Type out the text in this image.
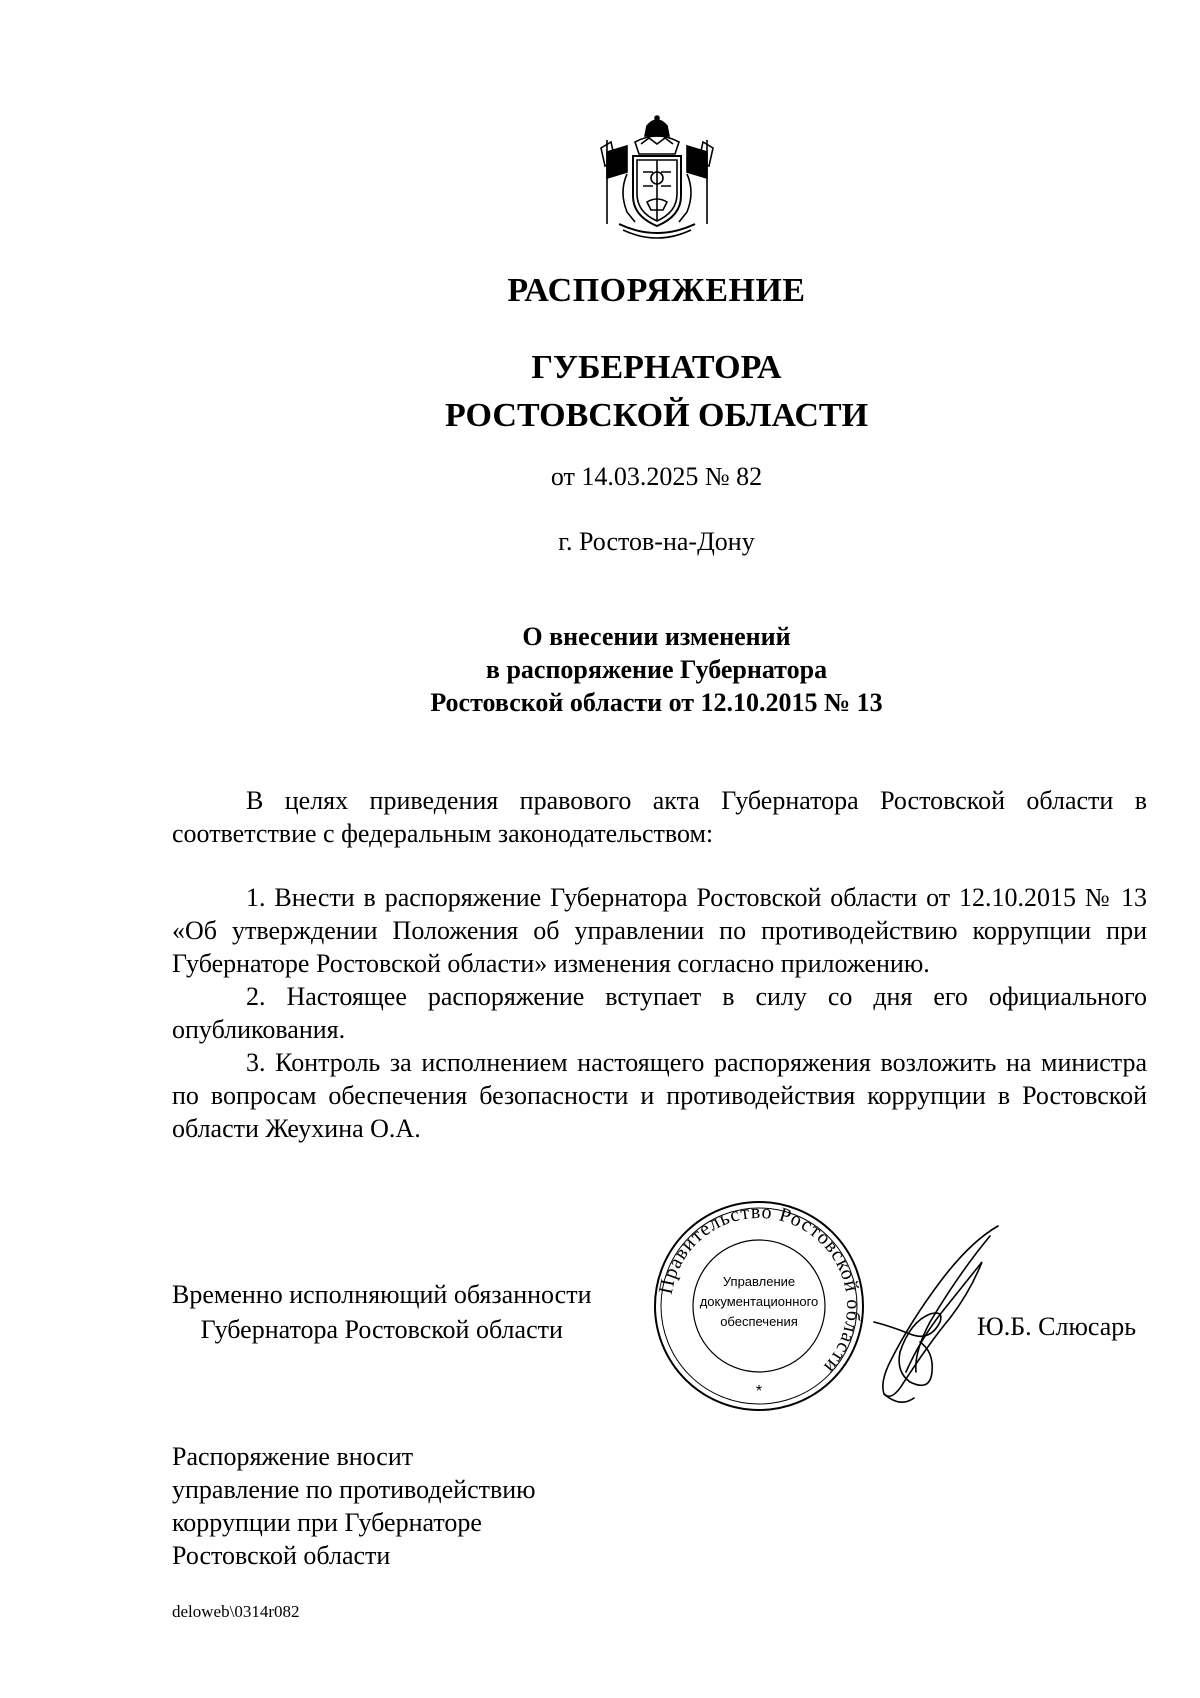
РАСПОРЯЖЕНИЕ
ГУБЕРНАТОРА
РОСТОВСКОЙ ОБЛАСТИ
от 14.03.2025 № 82
г. Ростов-на-Дону
О внесении изменений
в распоряжение Губернатора
Ростовской области от 12.10.2015 № 13

В целях приведения правового акта Губернатора Ростовской области в соответствие с федеральным законодательством:

1. Внести в распоряжение Губернатора Ростовской области от 12.10.2015 № 13 «Об утверждении Положения об управлении по противодействию коррупции при Губернаторе Ростовской области» изменения согласно приложению.

2. Настоящее распоряжение вступает в силу со дня его официального опубликования.

3. Контроль за исполнением настоящего распоряжения возложить на министра по вопросам обеспечения безопасности и противодействия коррупции в Ростовской области Жеухина О.А.

Временно исполняющий обязанности
Губернатора Ростовской области
Правительство Ростовской области
Управление
документационного
обеспечения
*
Ю.Б. Слюсарь
Распоряжение вносит
управление по противодействию
коррупции при Губернаторе
Ростовской области
deloweb\0314r082
